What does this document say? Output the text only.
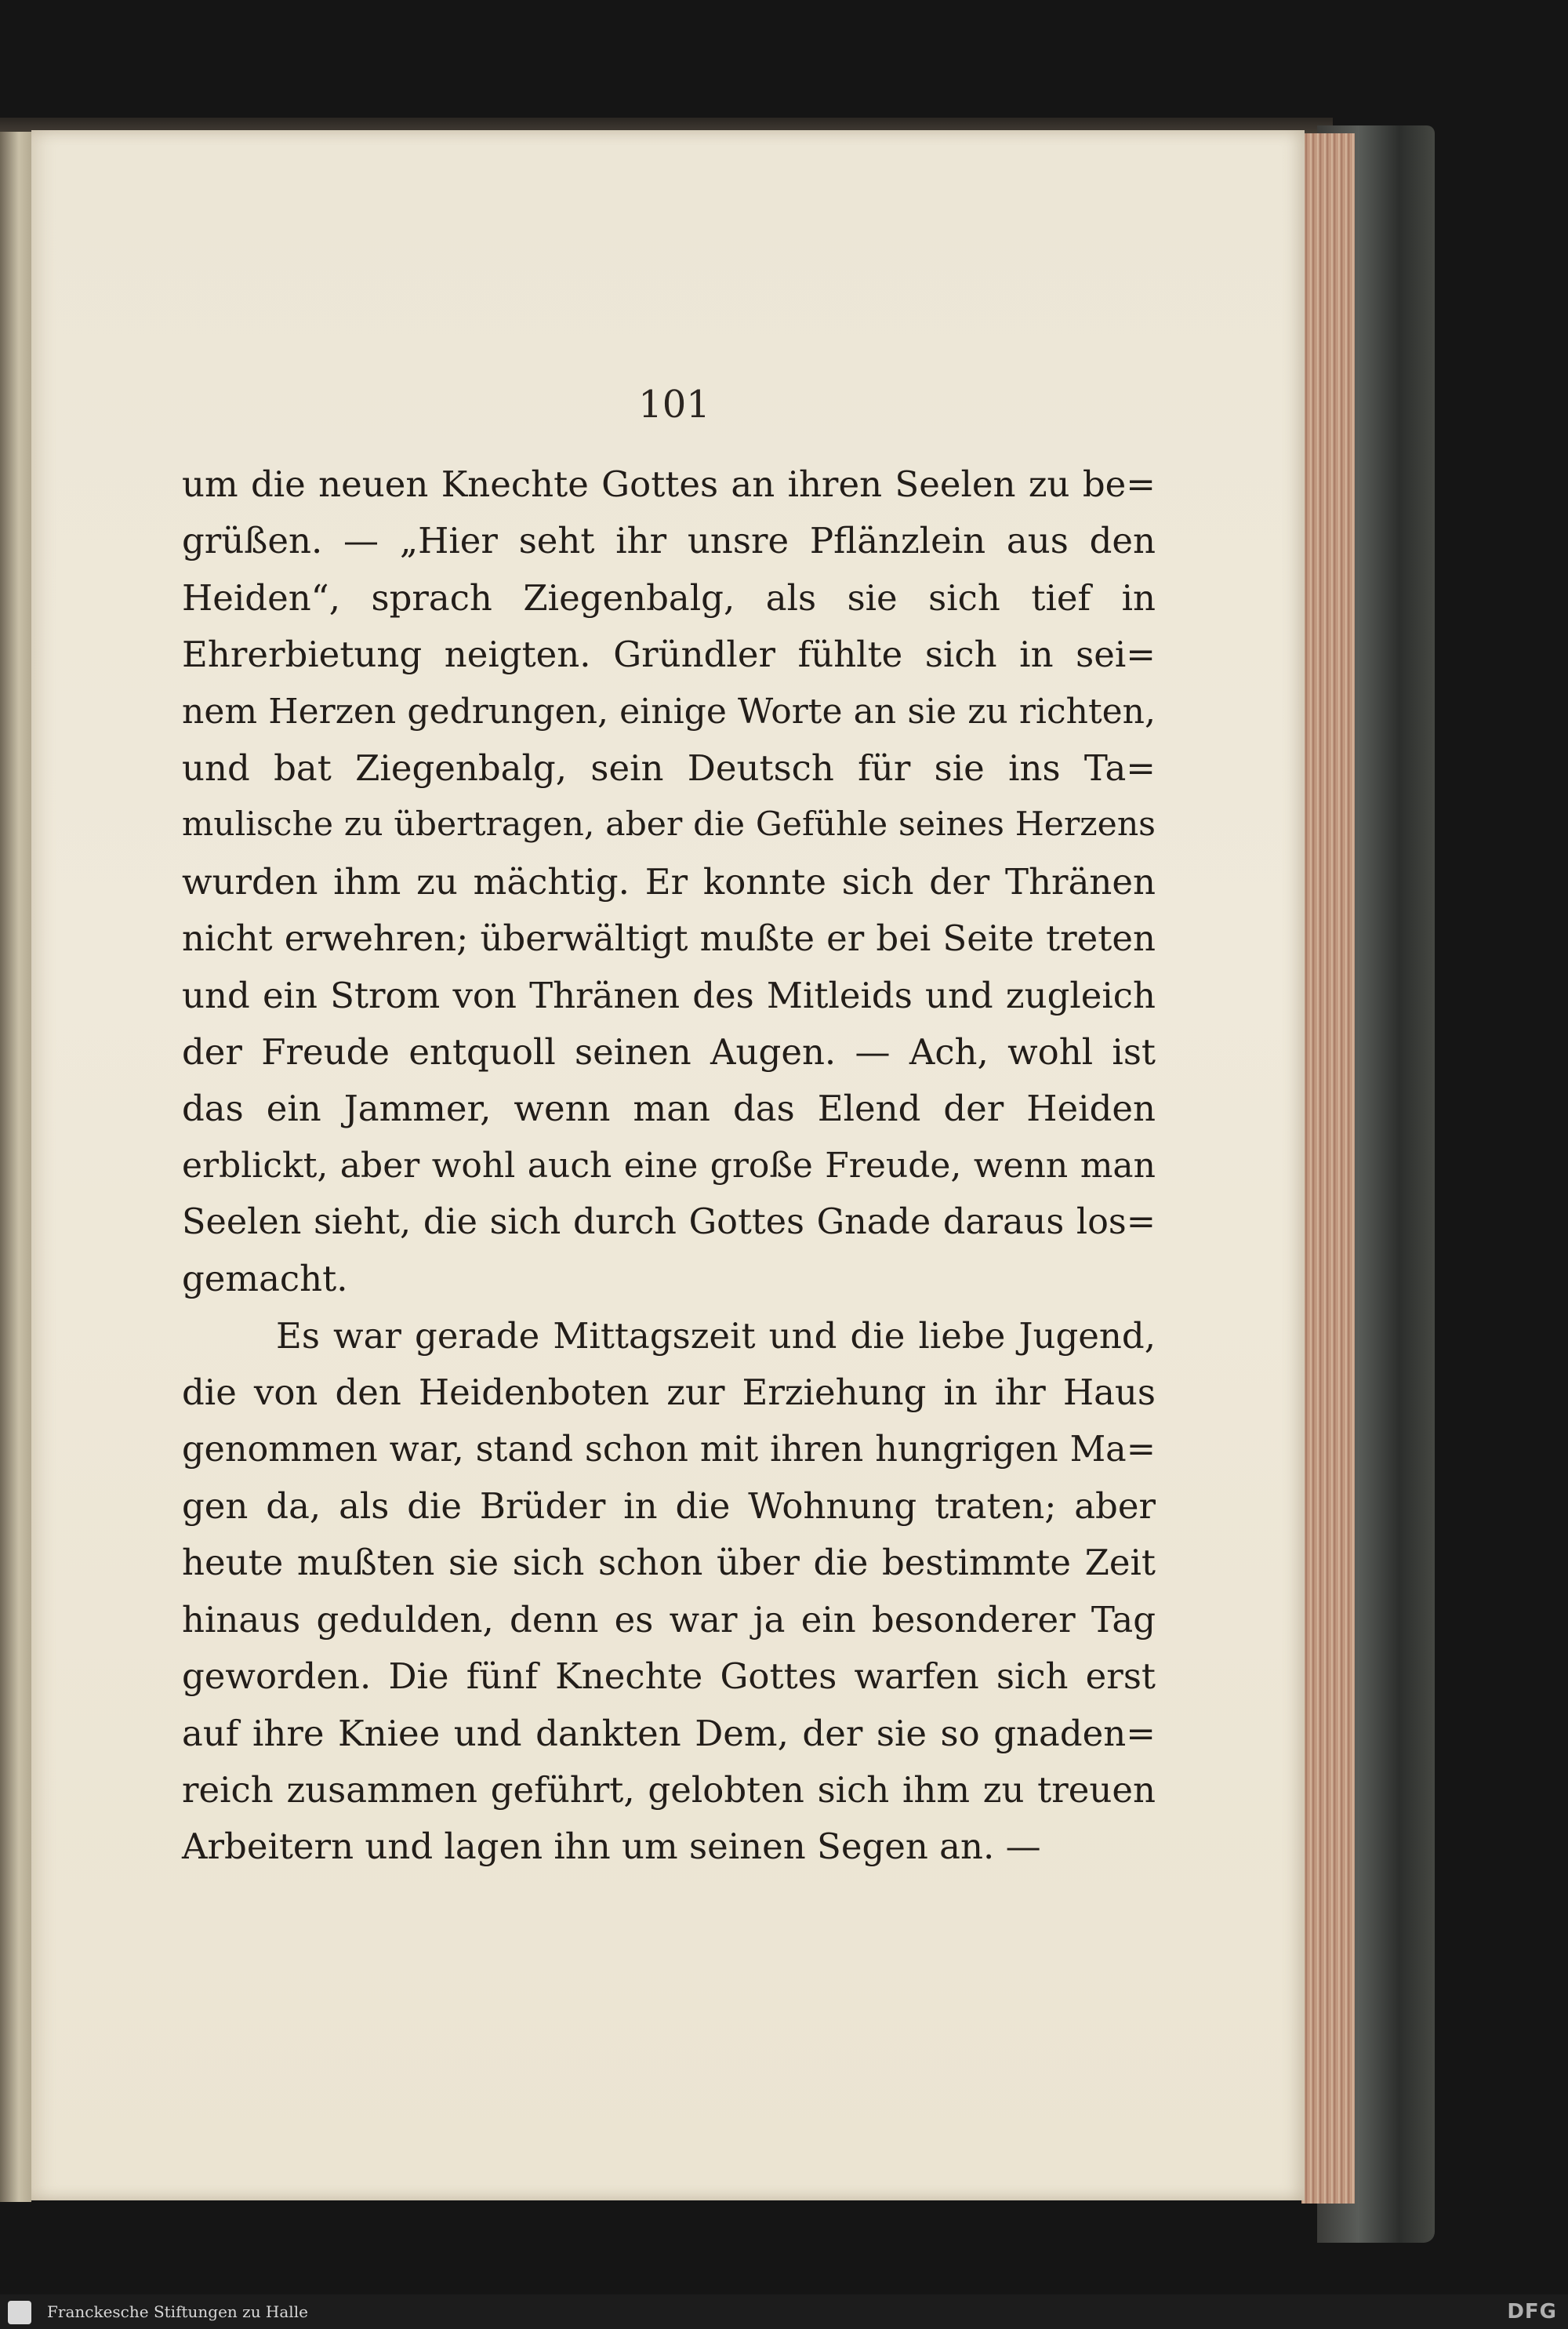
101
um die neuen Knechte Gottes an ihren Seelen zu be=
grüßen. — „Hier seht ihr unsre Pflänzlein aus den
Heiden“, sprach Ziegenbalg, als sie sich tief in
Ehrerbietung neigten. Gründler fühlte sich in sei=
nem Herzen gedrungen, einige Worte an sie zu richten,
und bat Ziegenbalg, sein Deutsch für sie ins Ta=
mulische zu übertragen, aber die Gefühle seines Herzens
wurden ihm zu mächtig. Er konnte sich der Thränen
nicht erwehren; überwältigt mußte er bei Seite treten
und ein Strom von Thränen des Mitleids und zugleich
der Freude entquoll seinen Augen. — Ach, wohl ist
das ein Jammer, wenn man das Elend der Heiden
erblickt, aber wohl auch eine große Freude, wenn man
Seelen sieht, die sich durch Gottes Gnade daraus los=
gemacht.
Es war gerade Mittagszeit und die liebe Jugend,
die von den Heidenboten zur Erziehung in ihr Haus
genommen war, stand schon mit ihren hungrigen Ma=
gen da, als die Brüder in die Wohnung traten; aber
heute mußten sie sich schon über die bestimmte Zeit
hinaus gedulden, denn es war ja ein besonderer Tag
geworden. Die fünf Knechte Gottes warfen sich erst
auf ihre Kniee und dankten Dem, der sie so gnaden=
reich zusammen geführt, gelobten sich ihm zu treuen
Arbeitern und lagen ihn um seinen Segen an. —
Franckesche Stiftungen zu Halle	DFG
